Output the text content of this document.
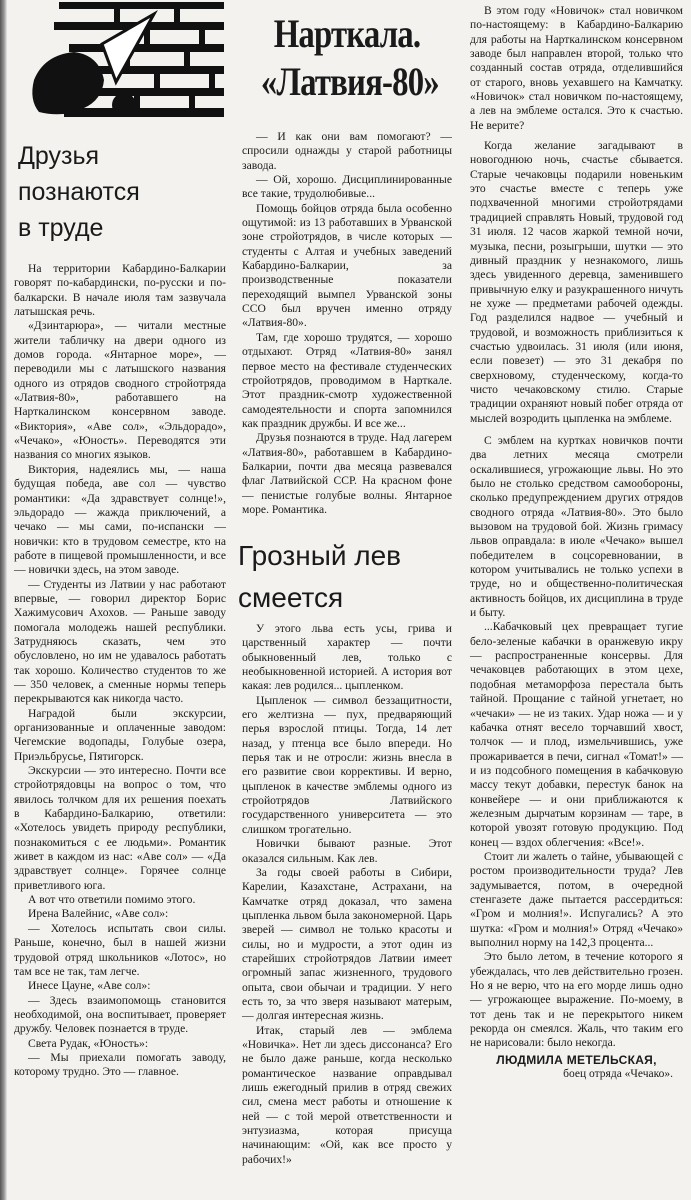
Друзья
познаются
в труде

На территории Кабардино-Балкарии говорят по-кабардински, по-русски и по-балкарски. В начале июля там зазвучала латышская речь.

«Дзинтарюра», — читали местные жители табличку на двери одного из домов города. «Янтарное море», — переводили мы с латышского названия одного из отрядов сводного стройотряда «Латвия-80», работавшего на Нарткалинском консервном заводе. «Виктория», «Аве сол», «Эльдорадо», «Чечако», «Юность». Переводятся эти названия со многих языков.

Виктория, надеялись мы, — наша будущая победа, аве сол — чувство романтики: «Да здравствует солнце!», эльдорадо — жажда приключений, а чечако — мы сами, по-испански — новички: кто в трудовом семестре, кто на работе в пищевой промышленности, и все — новички здесь, на этом заводе.

— Студенты из Латвии у нас работают впервые, — говорил директор Борис Хажимусович Ахохов. — Раньше заводу помогала молодежь нашей республики. Затрудняюсь сказать, чем это обусловлено, но им не удавалось работать так хорошо. Количество студентов то же — 350 человек, а сменные нормы теперь перекрываются как никогда часто.

Наградой были экскурсии, организованные и оплаченные заводом: Чегемские водопады, Голубые озера, Приэльбрусье, Пятигорск.

Экскурсии — это интересно. Почти все стройотрядовцы на вопрос о том, что явилось толчком для их решения поехать в Кабардино-Балкарию, ответили: «Хотелось увидеть природу республики, познакомиться с ее людьми». Романтик живет в каждом из нас: «Аве сол» — «Да здравствует солнце». Горячее солнце приветливого юга.

А вот что ответили помимо этого.

Ирена Валейнис, «Аве сол»:

— Хотелось испытать свои силы. Раньше, конечно, был в нашей жизни трудовой отряд школьников «Лотос», но там все не так, там легче.

Инесе Цауне, «Аве сол»:

— Здесь взаимопомощь становится необходимой, она воспитывает, проверяет дружбу. Человек познается в труде.

Света Рудак, «Юность»:

— Мы приехали помогать заводу, которому трудно. Это — главное.

Нарткала.
«Латвия-80»

— И как они вам помогают? — спросили однажды у старой работницы завода.

— Ой, хорошо. Дисциплинированные все такие, трудолюбивые...

Помощь бойцов отряда была особенно ощутимой: из 13 работавших в Урванской зоне стройотрядов, в числе которых — студенты с Алтая и учебных заведений Кабардино-Балкарии, за производственные показатели переходящий вымпел Урванской зоны ССО был вручен именно отряду «Латвия-80».

Там, где хорошо трудятся, — хорошо отдыхают. Отряд «Латвия-80» занял первое место на фестивале студенческих стройотрядов, проводимом в Нарткале. Этот праздник-смотр художественной самодеятельности и спорта запомнился как праздник дружбы. И все же...

Друзья познаются в труде. Над лагерем «Латвия-80», работавшем в Кабардино-Балкарии, почти два месяца развевался флаг Латвийской ССР. На красном фоне — пенистые голубые волны. Янтарное море. Романтика.

Грозный лев
смеется

У этого льва есть усы, грива и царственный характер — почти обыкновенный лев, только с необыкновенной историей. А история вот какая: лев родился... цыпленком.

Цыпленок — символ беззащитности, его желтизна — пух, предваряющий перья взрослой птицы. Тогда, 14 лет назад, у птенца все было впереди. Но перья так и не отросли: жизнь внесла в его развитие свои коррективы. И верно, цыпленок в качестве эмблемы одного из стройотрядов Латвийского государственного университета — это слишком трогательно.

Новички бывают разные. Этот оказался сильным. Как лев.

За годы своей работы в Сибири, Карелии, Казахстане, Астрахани, на Камчатке отряд доказал, что замена цыпленка львом была закономерной. Царь зверей — символ не только красоты и силы, но и мудрости, а этот один из старейших стройотрядов Латвии имеет огромный запас жизненного, трудового опыта, свои обычаи и традиции. У него есть то, за что зверя называют матерым, — долгая интересная жизнь.

Итак, старый лев — эмблема «Новичка». Нет ли здесь диссонанса? Его не было даже раньше, когда несколько романтическое название оправдывал лишь ежегодный прилив в отряд свежих сил, смена мест работы и отношение к ней — с той мерой ответственности и энтузиазма, которая присуща начинающим: «Ой, как все просто у рабочих!»

В этом году «Новичок» стал новичком по-настоящему: в Кабардино-Балкарию для работы на Нарткалинском консервном заводе был направлен второй, только что созданный состав отряда, отделившийся от старого, вновь уехавшего на Камчатку. «Новичок» стал новичком по-настоящему, а лев на эмблеме остался. Это к счастью. Не верите?

Когда желание загадывают в новогоднюю ночь, счастье сбывается. Старые чечаковцы подарили новеньким это счастье вместе с теперь уже подхваченной многими стройотрядами традицией справлять Новый, трудовой год 31 июля. 12 часов жаркой темной ночи, музыка, песни, розыгрыши, шутки — это дивный праздник у незнакомого, лишь здесь увиденного деревца, заменившего привычную елку и разукрашенного ничуть не хуже — предметами рабочей одежды. Год разделился надвое — учебный и трудовой, и возможность приблизиться к счастью удвоилась. 31 июля (или июня, если повезет) — это 31 декабря по сверхновому, студенческому, когда-то чисто чечаковскому стилю. Старые традиции охраняют новый побег отряда от мыслей возродить цыпленка на эмблеме.

С эмблем на куртках новичков почти два летних месяца смотрели оскалившиеся, угрожающие львы. Но это было не столько средством самообороны, сколько предупреждением других отрядов сводного отряда «Латвия-80». Это было вызовом на трудовой бой. Жизнь гримасу львов оправдала: в июле «Чечако» вышел победителем в соцсоревновании, в котором учитывались не только успехи в труде, но и общественно-политическая активность бойцов, их дисциплина в труде и быту.

...Кабачковый цех превращает тугие бело-зеленые кабачки в оранжевую икру — распространенные консервы. Для чечаковцев работающих в этом цехе, подобная метаморфоза перестала быть тайной. Прощание с тайной угнетает, но «чечаки» — не из таких. Удар ножа — и у кабачка отнят весело торчавший хвост, толчок — и плод, измельчившись, уже прожаривается в печи, сигнал «Томат!» — и из подсобного помещения в кабачковую массу текут добавки, перестук банок на конвейере — и они приближаются к железным дырчатым корзинам — таре, в которой увозят готовую продукцию. Под конец — вздох облегчения: «Все!».

Стоит ли жалеть о тайне, убывающей с ростом производительности труда? Лев задумывается, потом, в очередной стенгазете даже пытается рассердиться: «Гром и молния!». Испугались? А это шутка: «Гром и молния!» Отряд «Чечако» выполнил норму на 142,3 процента...

Это было летом, в течение которого я убеждалась, что лев действительно грозен. Но я не верю, что на его морде лишь одно — угрожающее выражение. По-моему, в тот день так и не перекрытого никем рекорда он смеялся. Жаль, что таким его не нарисовали: было некогда.

ЛЮДМИЛА МЕТЕЛЬСКАЯ,

боец отряда «Чечако».
